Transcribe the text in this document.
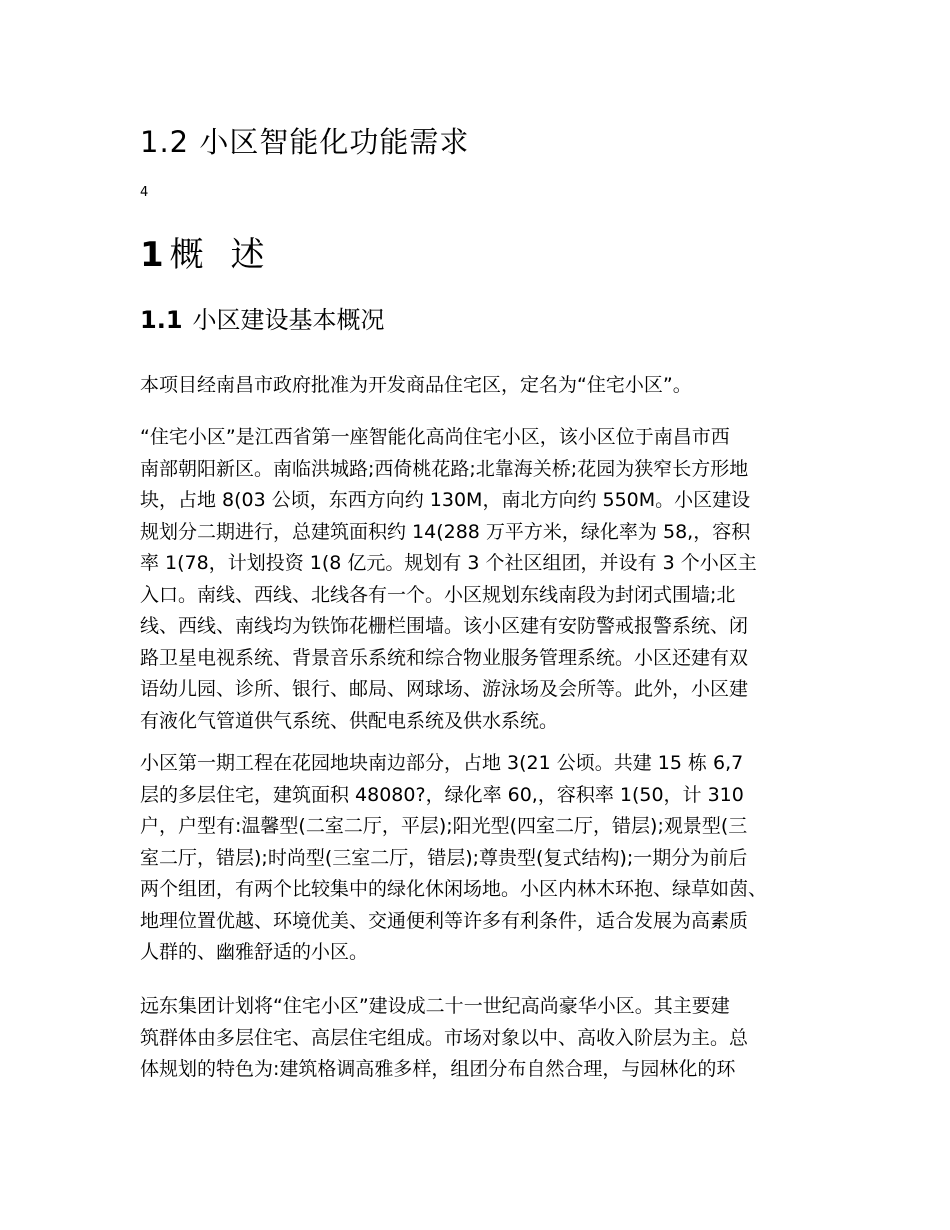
1.2 小区智能化功能需求
4
1 概 述
1.1 小区建设基本概况

本项目经南昌市政府批准为开发商品住宅区，定名为“住宅小区”。

“住宅小区”是江西省第一座智能化高尚住宅小区，该小区位于南昌市西
南部朝阳新区。南临洪城路;西倚桃花路;北靠海关桥;花园为狭窄长方形地
块，占地 8(03 公顷，东西方向约 130M，南北方向约 550M。小区建设
规划分二期进行，总建筑面积约 14(288 万平方米，绿化率为 58,，容积
率 1(78，计划投资 1(8 亿元。规划有 3 个社区组团，并设有 3 个小区主
入口。南线、西线、北线各有一个。小区规划东线南段为封闭式围墙;北
线、西线、南线均为铁饰花栅栏围墙。该小区建有安防警戒报警系统、闭
路卫星电视系统、背景音乐系统和综合物业服务管理系统。小区还建有双
语幼儿园、诊所、银行、邮局、网球场、游泳场及会所等。此外，小区建
有液化气管道供气系统、供配电系统及供水系统。

小区第一期工程在花园地块南边部分，占地 3(21 公顷。共建 15 栋 6,7
层的多层住宅，建筑面积 48080?，绿化率 60,，容积率 1(50，计 310
户，户型有:温馨型(二室二厅，平层);阳光型(四室二厅，错层);观景型(三
室二厅，错层);时尚型(三室二厅，错层);尊贵型(复式结构);一期分为前后
两个组团，有两个比较集中的绿化休闲场地。小区内林木环抱、绿草如茵、
地理位置优越、环境优美、交通便利等许多有利条件，适合发展为高素质
人群的、幽雅舒适的小区。

远东集团计划将“住宅小区”建设成二十一世纪高尚豪华小区。其主要建
筑群体由多层住宅、高层住宅组成。市场对象以中、高收入阶层为主。总
体规划的特色为:建筑格调高雅多样，组团分布自然合理，与园林化的环
